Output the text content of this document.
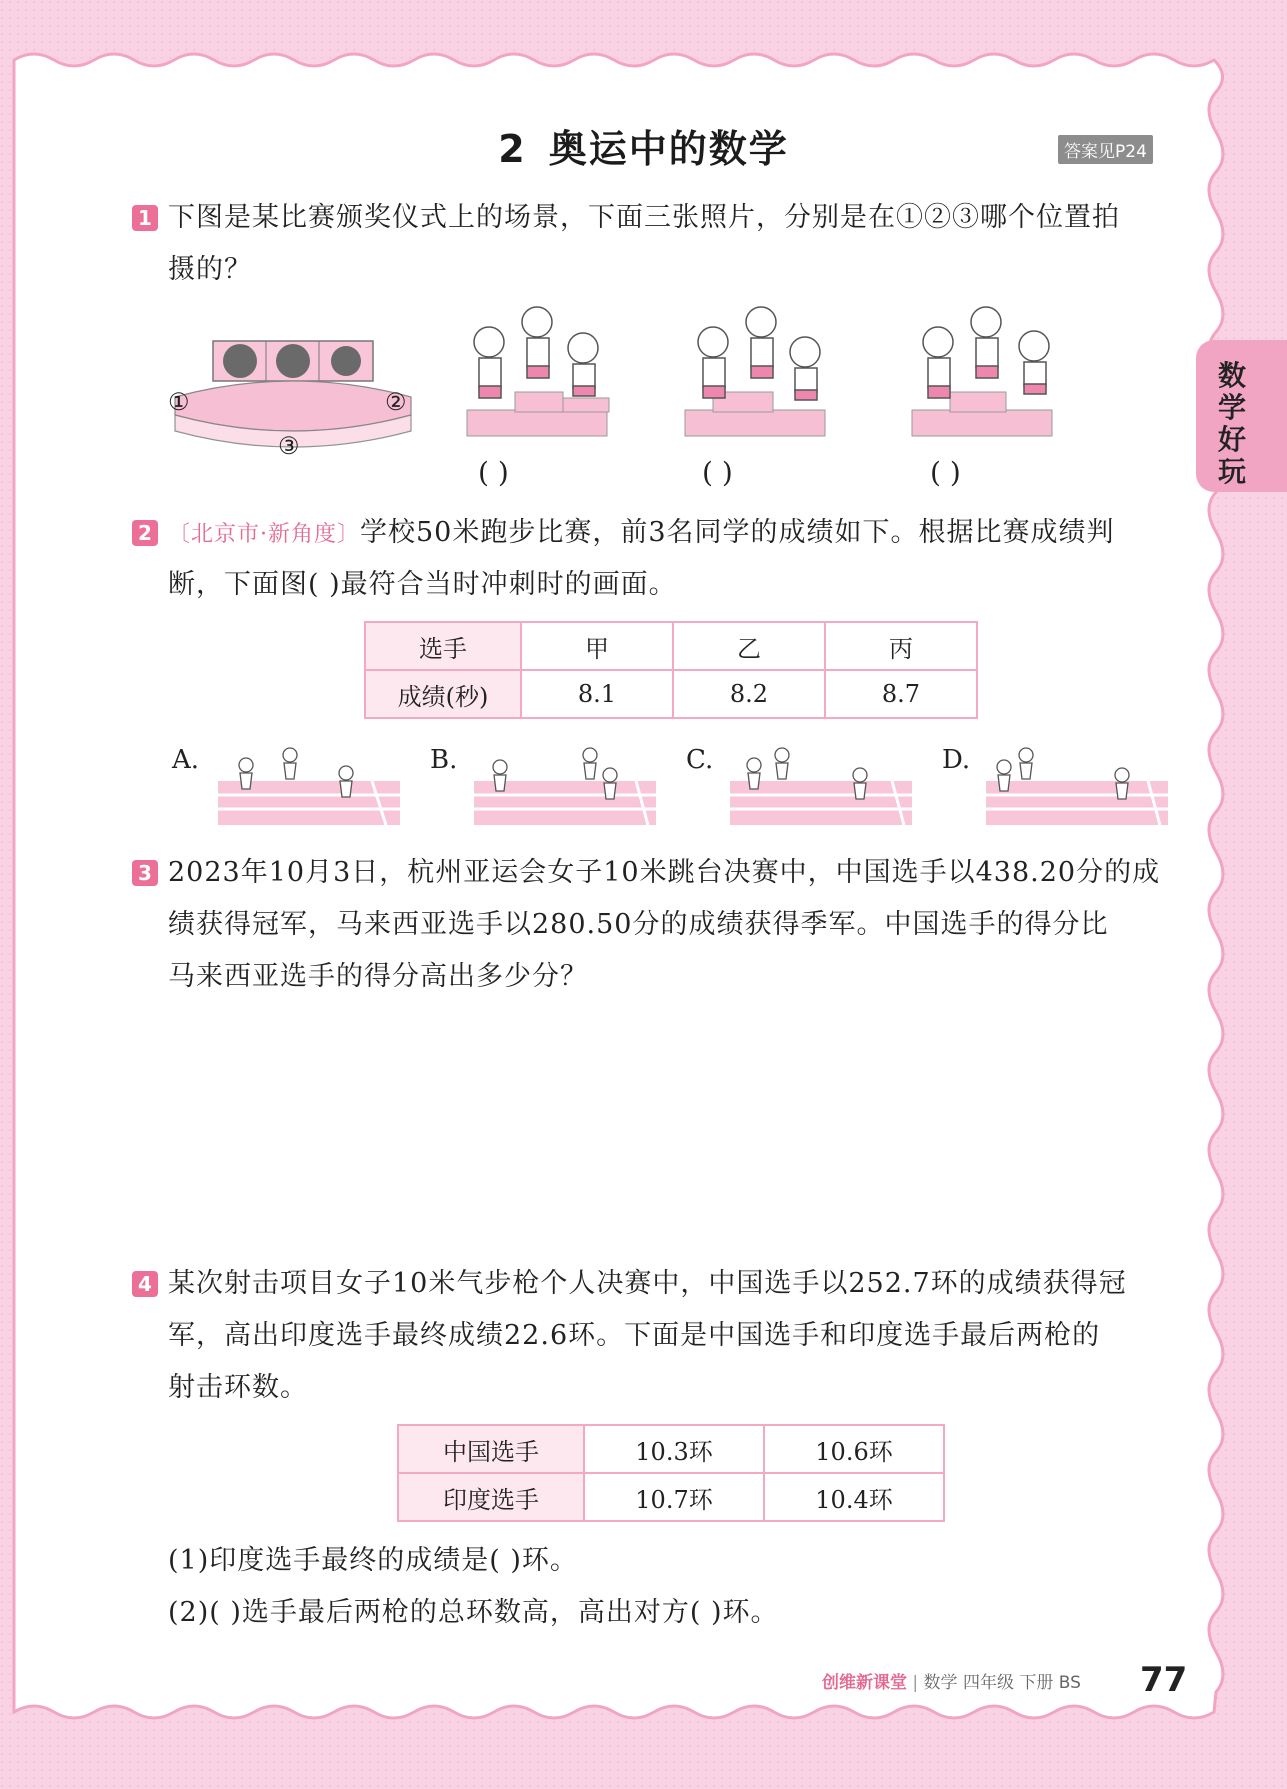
2 奥运中的数学	答案见P24
数学好玩
1 下图是某比赛颁奖仪式上的场景，下面三张照片，分别是在①②③哪个位置拍
摄的？
①	②
③
( )	( )	( )
2 〔北京市·新角度〕学校50米跑步比赛，前3名同学的成绩如下。根据比赛成绩判
断，下面图( )最符合当时冲刺时的画面。
选手	甲	乙	丙
成绩(秒)	8.1	8.2	8.7
A.	B.	C.	D.
3 2023年10月3日，杭州亚运会女子10米跳台决赛中，中国选手以438.20分的成
绩获得冠军，马来西亚选手以280.50分的成绩获得季军。中国选手的得分比
马来西亚选手的得分高出多少分？
4 某次射击项目女子10米气步枪个人决赛中，中国选手以252.7环的成绩获得冠
军，高出印度选手最终成绩22.6环。下面是中国选手和印度选手最后两枪的
射击环数。
中国选手	10.3环	10.6环
印度选手	10.7环	10.4环
(1)印度选手最终的成绩是( )环。
(2)( )选手最后两枪的总环数高，高出对方( )环。
创维新课堂 | 数学 四年级 下册 BS 77
